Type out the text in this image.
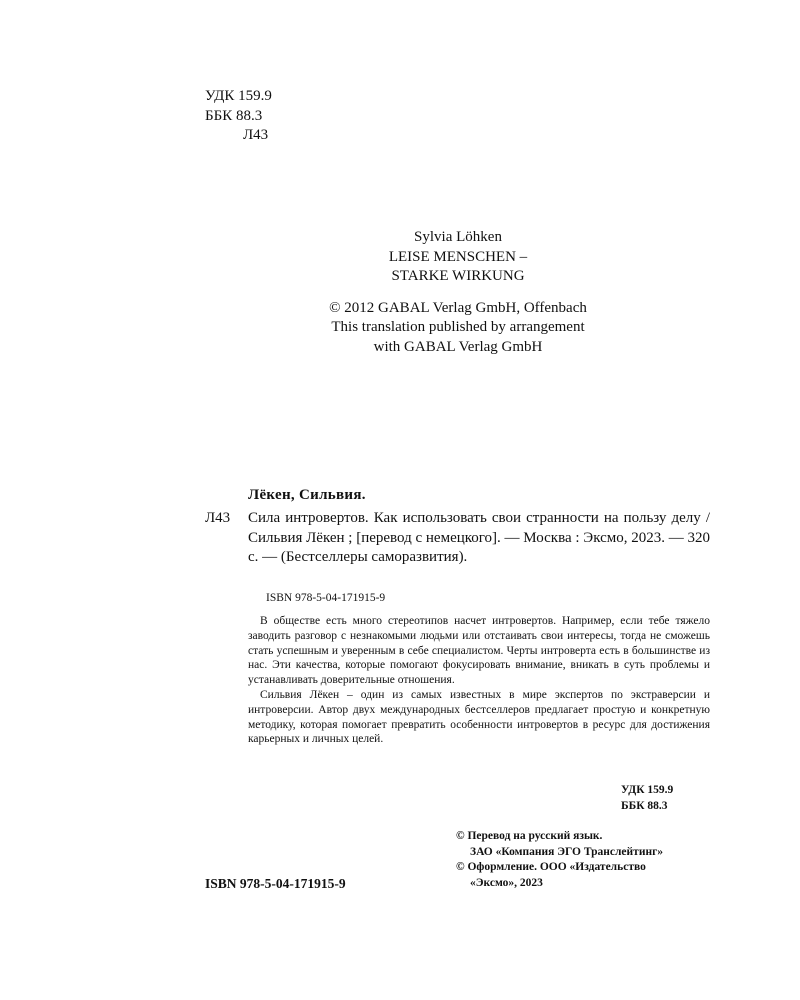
УДК 159.9
ББК 88.3
Л43
Sylvia Löhken
LEISE MENSCHEN –
STARKE WIRKUNG
© 2012 GABAL Verlag GmbH, Offenbach
This translation published by arrangement
with GABAL Verlag GmbH
Лёкен, Сильвия.
Л43 Сила интровертов. Как использовать свои странности на пользу делу / Сильвия Лёкен ; [перевод с немецкого]. — Москва : Эксмо, 2023. — 320 с. — (Бестселлеры саморазвития).
ISBN 978-5-04-171915-9

В обществе есть много стереотипов насчет интровертов. Например, если тебе тяжело заводить разговор с незнакомыми людьми или отстаивать свои интересы, тогда не сможешь стать успешным и уверенным в себе специалистом. Черты интроверта есть в большинстве из нас. Эти качества, которые помогают фокусировать внимание, вникать в суть проблемы и устанавливать доверительные отношения.

Сильвия Лёкен – один из самых известных в мире экспертов по экстраверсии и интроверсии. Автор двух международных бестселлеров предлагает простую и конкретную методику, которая помогает превратить особенности интровертов в ресурс для достижения карьерных и личных целей.

УДК 159.9
ББК 88.3
© Перевод на русский язык.
ЗАО «Компания ЭГО Транслейтинг»
© Оформление. ООО «Издательство
«Эксмо», 2023
ISBN 978-5-04-171915-9
